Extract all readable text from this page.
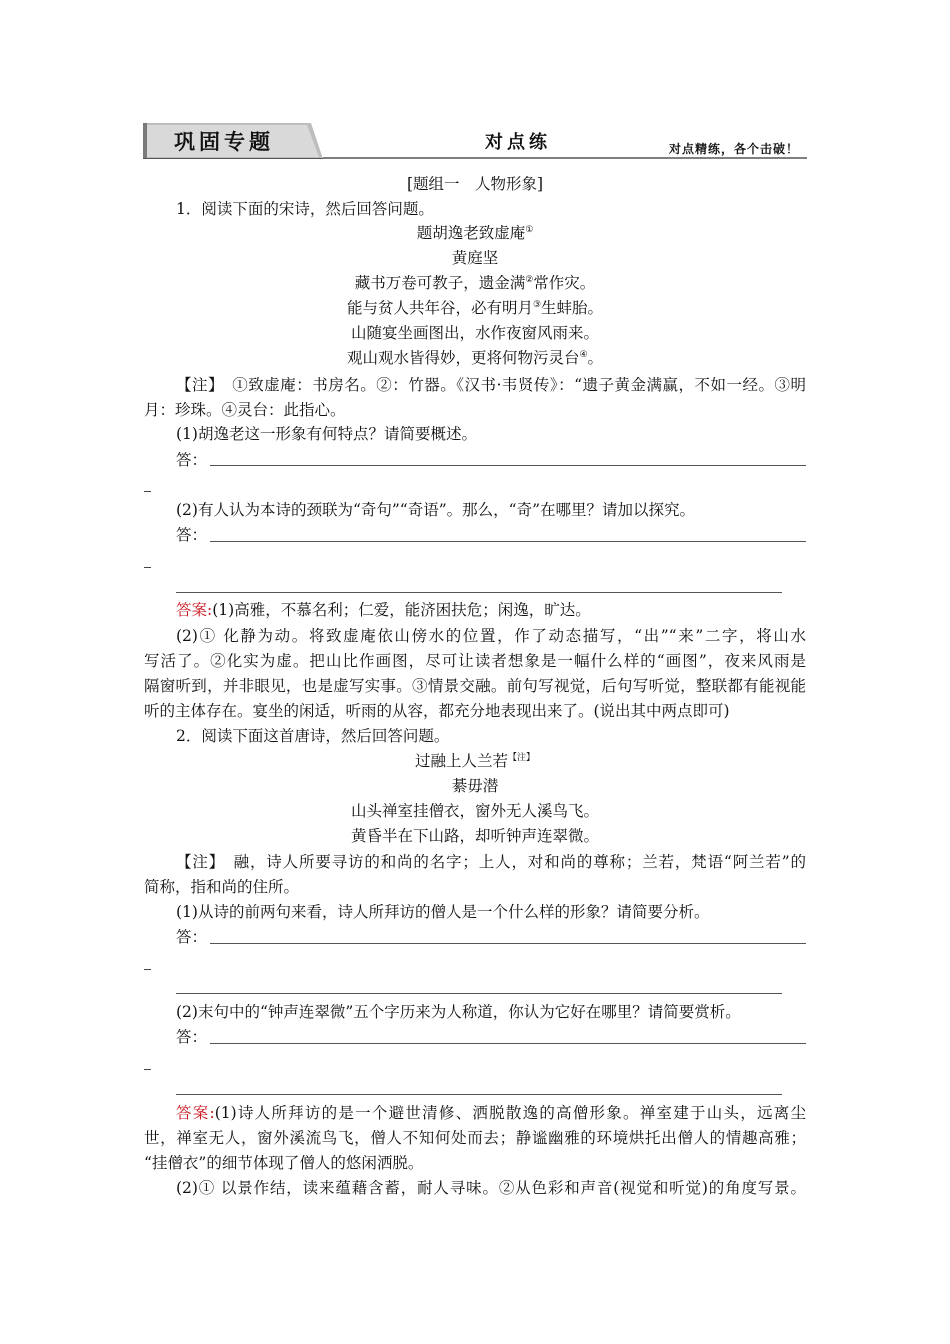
巩固专题	对点练	对点精练，各个击破！
[题组一　人物形象]
1．阅读下面的宋诗，然后回答问题。
题胡逸老致虚庵①
黄庭坚
藏书万卷可教子，遗金满②常作灾。
能与贫人共年谷，必有明月③生蚌胎。
山随宴坐画图出，水作夜窗风雨来。
观山观水皆得妙，更将何物污灵台④。
【注】　①致虚庵：书房名。②：竹器。《汉书·韦贤传》：“遗子黄金满赢，不如一经。③明
月：珍珠。④灵台：此指心。
(1)胡逸老这一形象有何特点？请简要概述。
答：
(2)有人认为本诗的颈联为“奇句”“奇语”。那么，“奇”在哪里？请加以探究。
答：
答案:(1)高雅，不慕名利；仁爱，能济困扶危；闲逸，旷达。
(2)① 化静为动。将致虚庵依山傍水的位置，作了动态描写，“出”“来”二字，将山水
写活了。②化实为虚。把山比作画图，尽可让读者想象是一幅什么样的“画图”，夜来风雨是
隔窗听到，并非眼见，也是虚写实事。③情景交融。前句写视觉，后句写听觉，整联都有能视能
听的主体存在。宴坐的闲适，听雨的从容，都充分地表现出来了。(说出其中两点即可)
2．阅读下面这首唐诗，然后回答问题。
过融上人兰若$^{【注】}$
綦毋潜
山头禅室挂僧衣，窗外无人溪鸟飞。
黄昏半在下山路，却听钟声连翠微。
【注】　融，诗人所要寻访的和尚的名字；上人，对和尚的尊称；兰若，梵语“阿兰若”的
简称，指和尚的住所。
(1)从诗的前两句来看，诗人所拜访的僧人是一个什么样的形象？请简要分析。
答：
(2)末句中的“钟声连翠微”五个字历来为人称道，你认为它好在哪里？请简要赏析。
答：
答案:(1)诗人所拜访的是一个避世清修、洒脱散逸的高僧形象。禅室建于山头，远离尘
世，禅室无人，窗外溪流鸟飞，僧人不知何处而去；静谧幽雅的环境烘托出僧人的情趣高雅；
“挂僧衣”的细节体现了僧人的悠闲洒脱。
(2)① 以景作结，读来蕴藉含蓄，耐人寻味。②从色彩和声音(视觉和听觉)的角度写景。
